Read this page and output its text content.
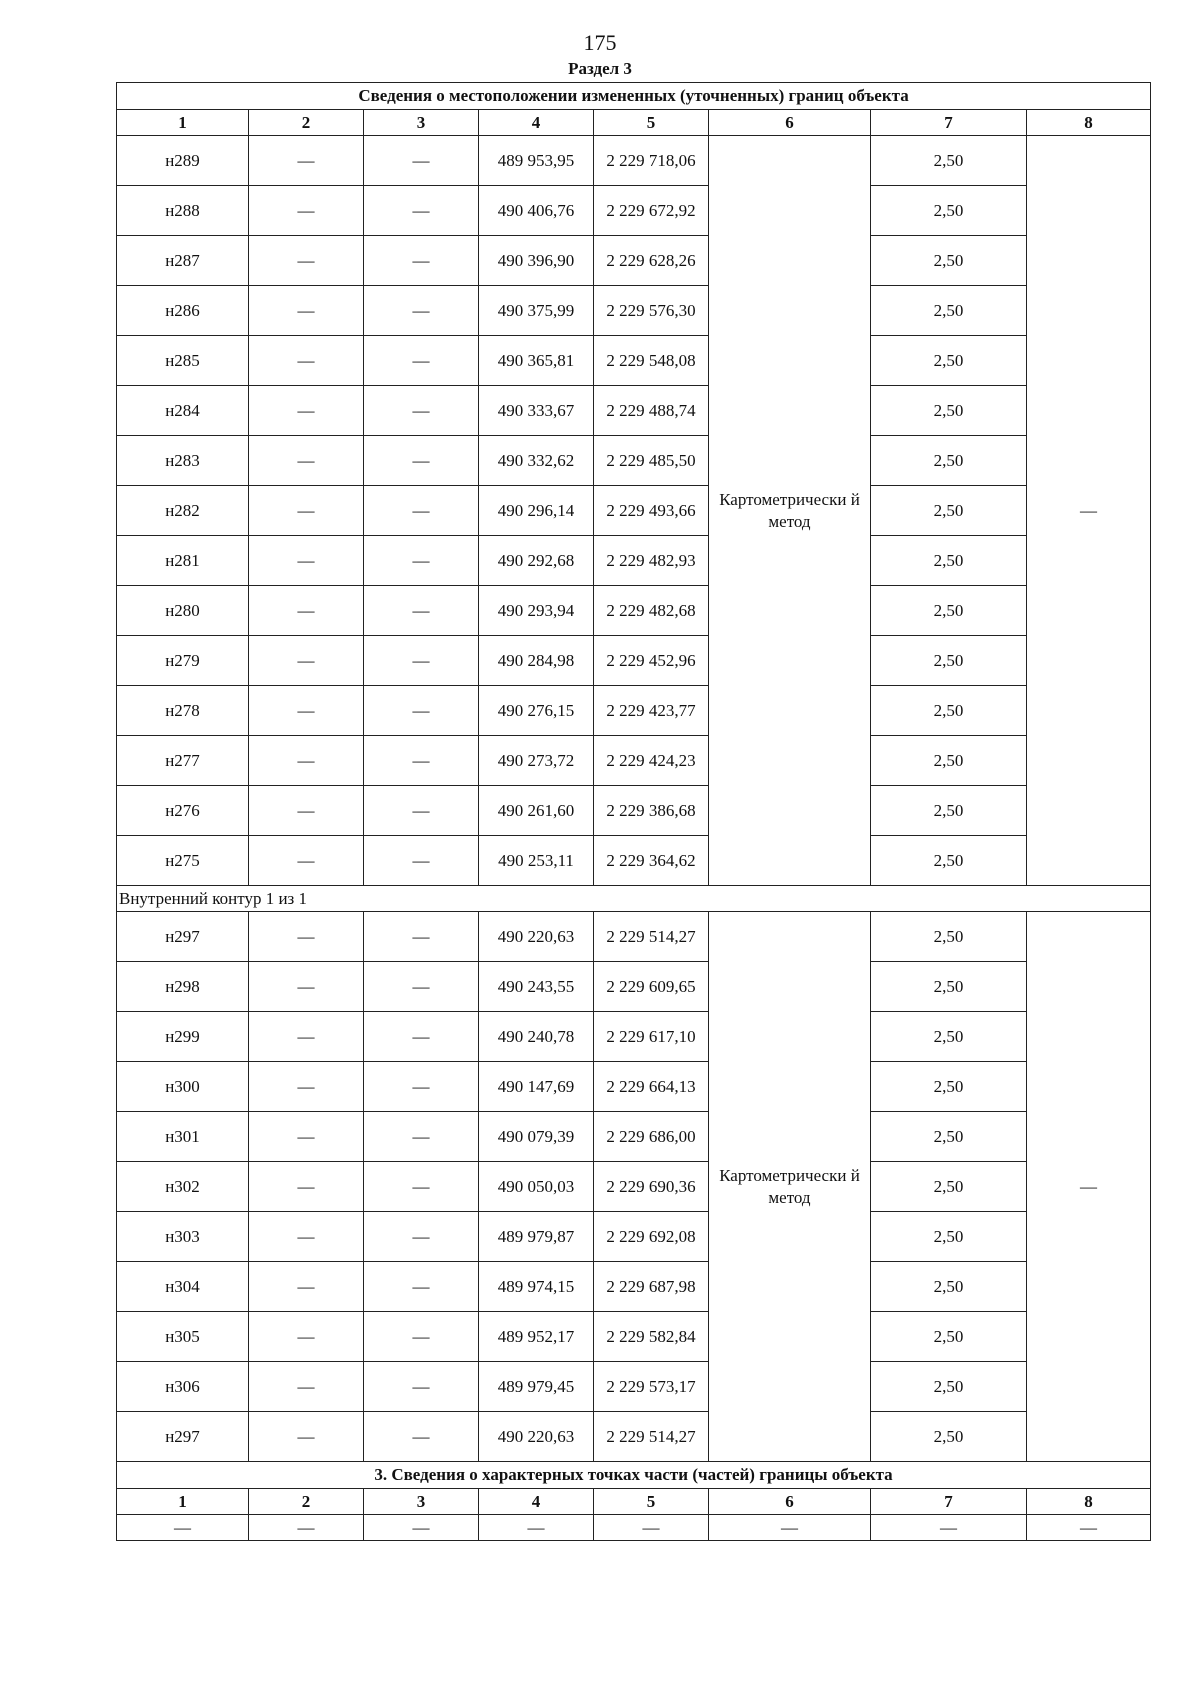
175
Раздел 3
Сведения о местоположении измененных (уточненных) границ объекта							
1	2	3	4	5	6	7	8
н289	—	—	489 953,95	2 229 718,06	Картометрически й метод	2,50	—
н288	—	—	490 406,76	2 229 672,92		2,50	
н287	—	—	490 396,90	2 229 628,26		2,50	
н286	—	—	490 375,99	2 229 576,30		2,50	
н285	—	—	490 365,81	2 229 548,08		2,50	
н284	—	—	490 333,67	2 229 488,74		2,50	
н283	—	—	490 332,62	2 229 485,50		2,50	
н282	—	—	490 296,14	2 229 493,66		2,50	
н281	—	—	490 292,68	2 229 482,93		2,50	
н280	—	—	490 293,94	2 229 482,68		2,50	
н279	—	—	490 284,98	2 229 452,96		2,50	
н278	—	—	490 276,15	2 229 423,77		2,50	
н277	—	—	490 273,72	2 229 424,23		2,50	
н276	—	—	490 261,60	2 229 386,68		2,50	
н275	—	—	490 253,11	2 229 364,62		2,50	
Внутренний контур 1 из 1							
н297	—	—	490 220,63	2 229 514,27	Картометрически й метод	2,50	—
н298	—	—	490 243,55	2 229 609,65		2,50	
н299	—	—	490 240,78	2 229 617,10		2,50	
н300	—	—	490 147,69	2 229 664,13		2,50	
н301	—	—	490 079,39	2 229 686,00		2,50	
н302	—	—	490 050,03	2 229 690,36		2,50	
н303	—	—	489 979,87	2 229 692,08		2,50	
н304	—	—	489 974,15	2 229 687,98		2,50	
н305	—	—	489 952,17	2 229 582,84		2,50	
н306	—	—	489 979,45	2 229 573,17		2,50	
н297	—	—	490 220,63	2 229 514,27		2,50	
3. Сведения о характерных точках части (частей) границы объекта							
1	2	3	4	5	6	7	8
—	—	—	—	—	—	—	—
